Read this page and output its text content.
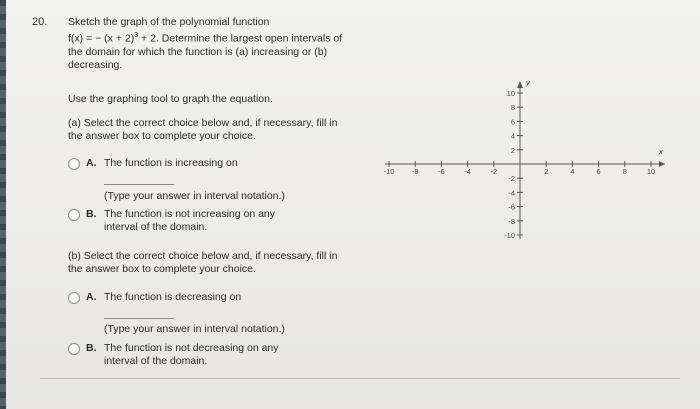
20. Sketch the graph of the polynomial function
f(x) = − $(x + 2)^3 + 2$. Determine the largest open intervals of
the domain for which the function is (a) increasing or (b)
decreasing.
Use the graphing tool to graph the equation.
(a) Select the correct choice below and, if necessary, fill in
the answer box to complete your choice.
A. The function is increasing on
(Type your answer in interval notation.)
B. The function is not increasing on any
interval of the domain.
(b) Select the correct choice below and, if necessary, fill in
the answer box to complete your choice.
A. The function is decreasing on
(Type your answer in interval notation.)
B. The function is not decreasing on any
interval of the domain.
x
y
-10 -8	-6	-4	-2	2	4	6	8	10
10
8
6
4
2
-2
-4
-6
-8
-10
